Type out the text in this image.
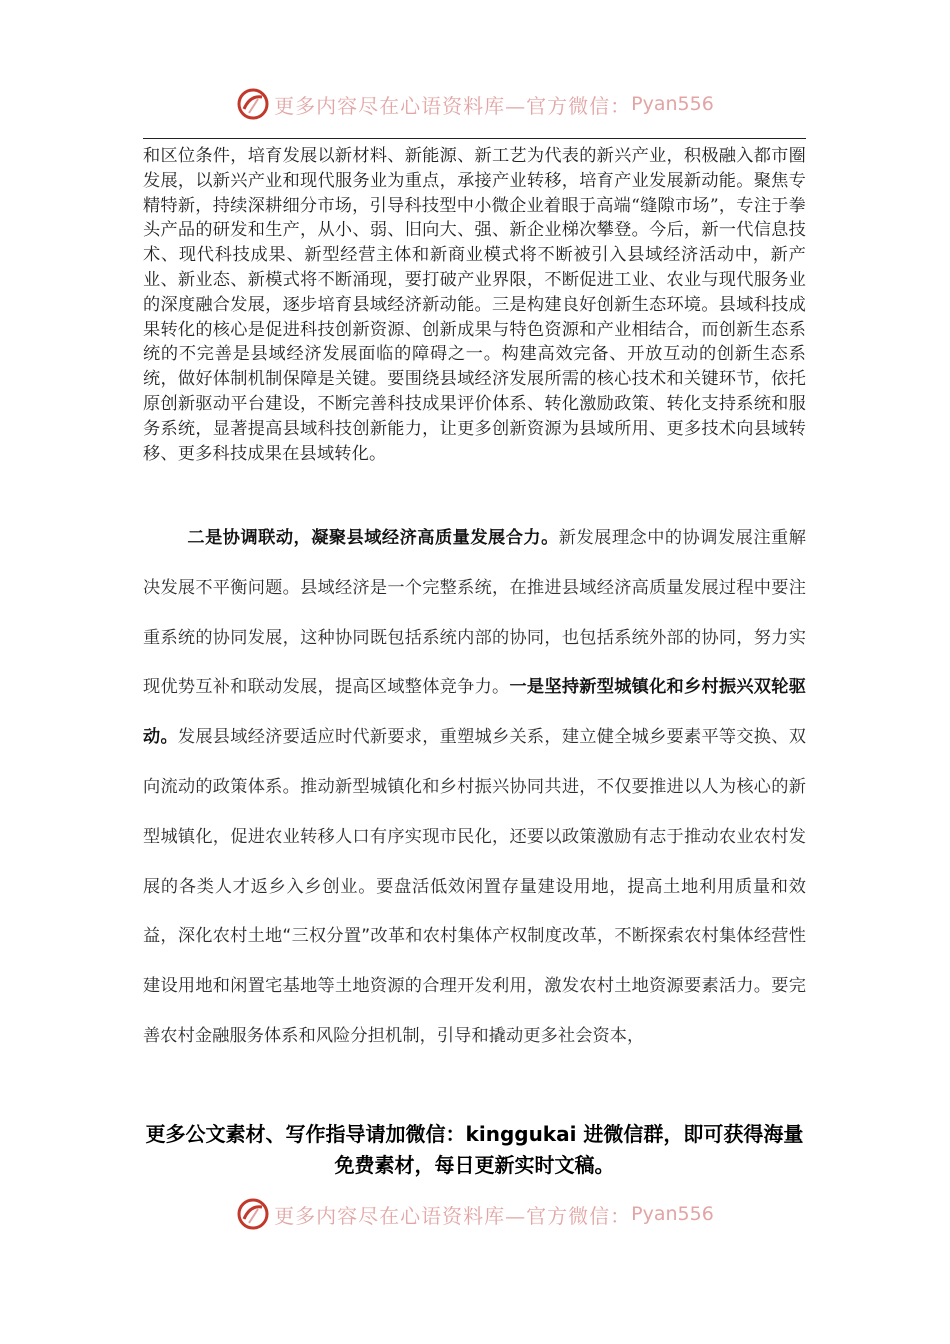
更多内容尽在心语资料库—官方微信： Pyan556
和区位条件，培育发展以新材料、新能源、新工艺为代表的新兴产业，积极融入都市圈发展，以新兴产业和现代服务业为重点，承接产业转移，培育产业发展新动能。聚焦专精特新，持续深耕细分市场，引导科技型中小微企业着眼于高端“缝隙市场”，专注于拳头产品的研发和生产，从小、弱、旧向大、强、新企业梯次攀登。今后，新一代信息技术、现代科技成果、新型经营主体和新商业模式将不断被引入县域经济活动中，新产业、新业态、新模式将不断涌现，要打破产业界限，不断促进工业、农业与现代服务业的深度融合发展，逐步培育县域经济新动能。三是构建良好创新生态环境。县域科技成果转化的核心是促进科技创新资源、创新成果与特色资源和产业相结合，而创新生态系统的不完善是县域经济发展面临的障碍之一。构建高效完备、开放互动的创新生态系统，做好体制机制保障是关键。要围绕县域经济发展所需的核心技术和关键环节，依托原创新驱动平台建设，不断完善科技成果评价体系、转化激励政策、转化支持系统和服务系统，显著提高县域科技创新能力，让更多创新资源为县域所用、更多技术向县域转移、更多科技成果在县域转化。
二是协调联动，凝聚县域经济高质量发展合力。新发展理念中的协调发展注重解决发展不平衡问题。县域经济是一个完整系统，在推进县域经济高质量发展过程中要注重系统的协同发展，这种协同既包括系统内部的协同，也包括系统外部的协同，努力实现优势互补和联动发展，提高区域整体竞争力。一是坚持新型城镇化和乡村振兴双轮驱动。发展县域经济要适应时代新要求，重塑城乡关系，建立健全城乡要素平等交换、双向流动的政策体系。推动新型城镇化和乡村振兴协同共进，不仅要推进以人为核心的新型城镇化，促进农业转移人口有序实现市民化，还要以政策激励有志于推动农业农村发展的各类人才返乡入乡创业。要盘活低效闲置存量建设用地，提高土地利用质量和效益，深化农村土地“三权分置”改革和农村集体产权制度改革，不断探索农村集体经营性建设用地和闲置宅基地等土地资源的合理开发利用，激发农村土地资源要素活力。要完善农村金融服务体系和风险分担机制，引导和撬动更多社会资本，
更多公文素材、写作指导请加微信：kinggukai 进微信群，即可获得海量免费素材，每日更新实时文稿。
更多内容尽在心语资料库—官方微信： Pyan556
